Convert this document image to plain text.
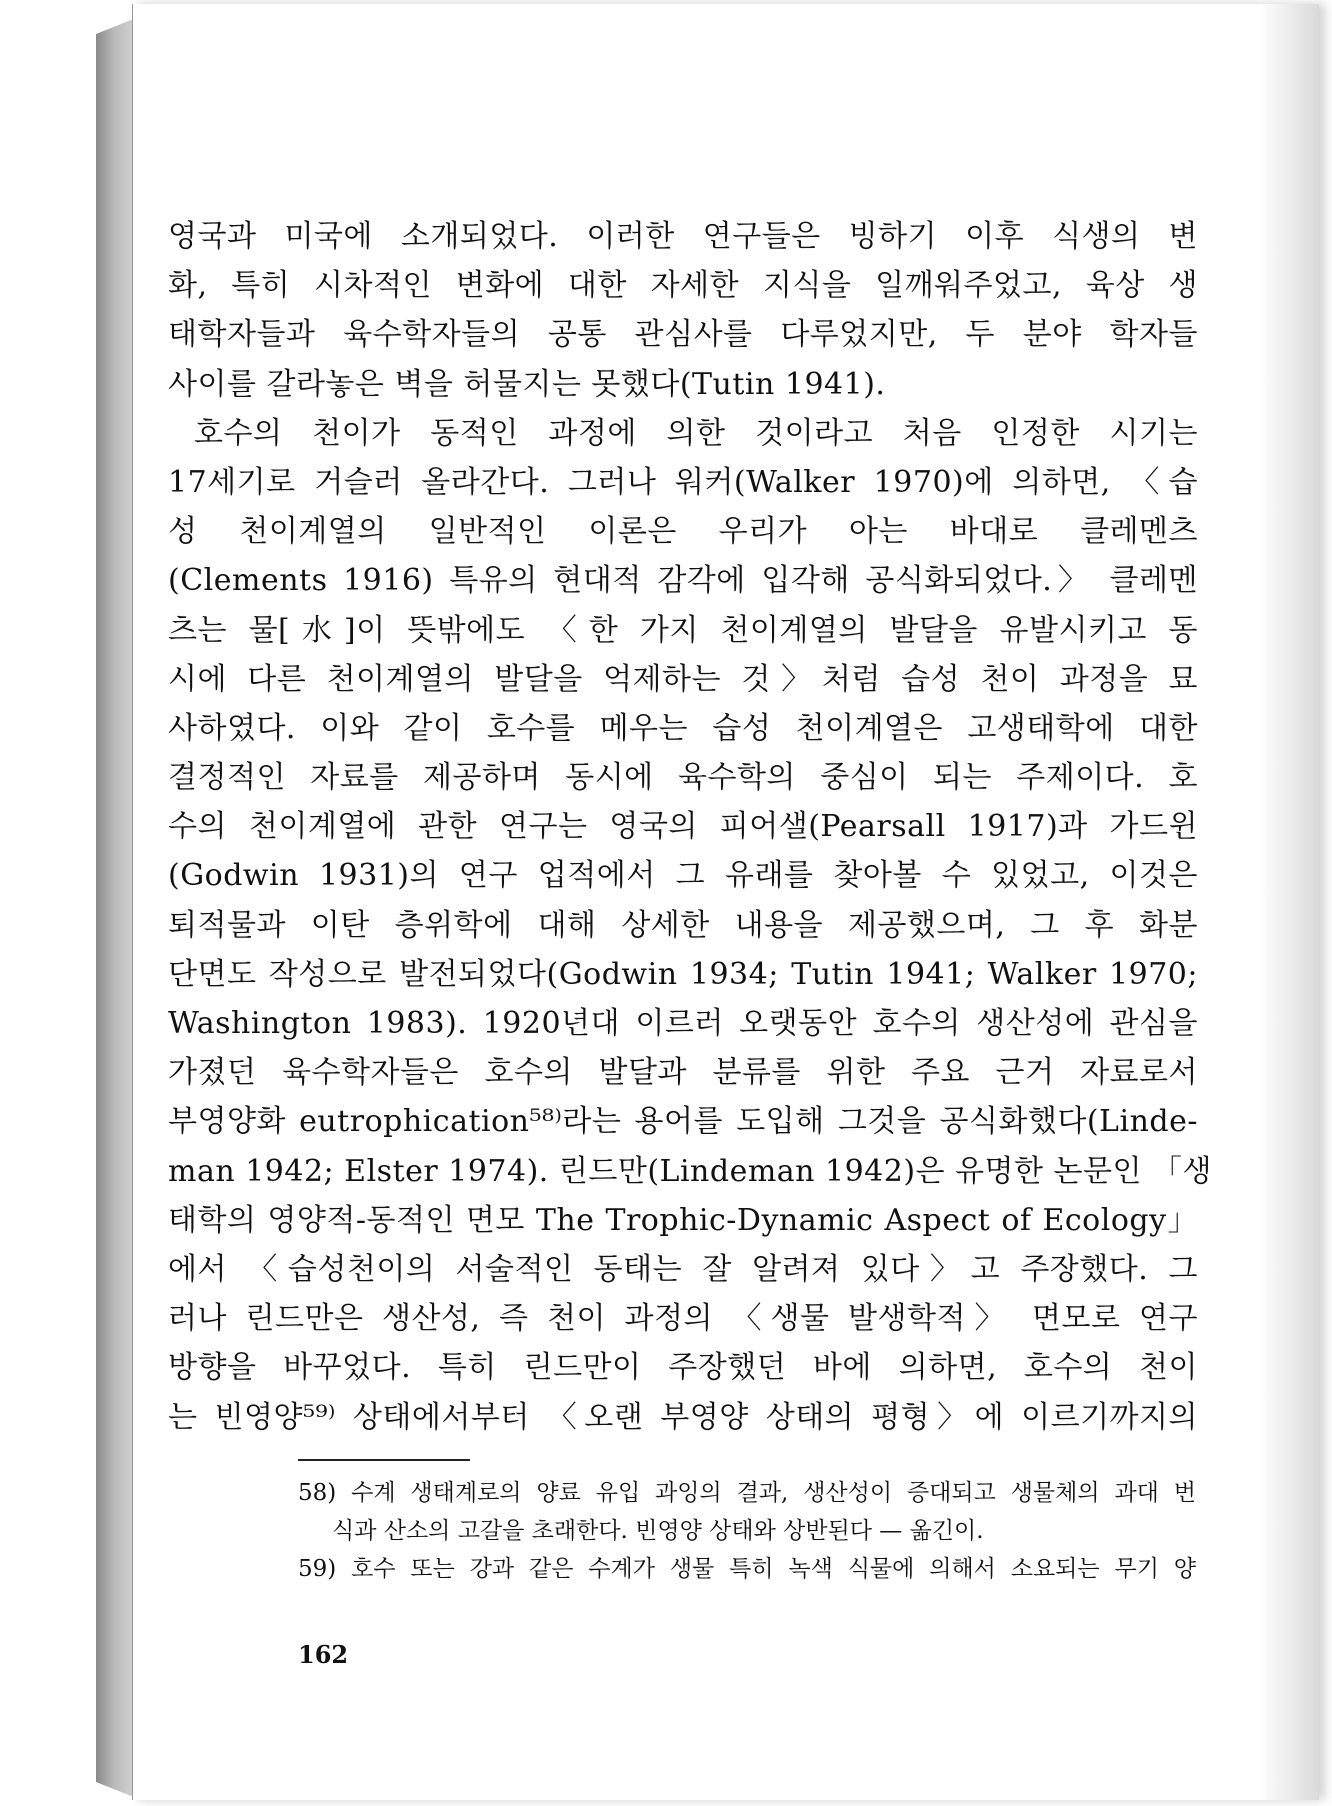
영국과 미국에 소개되었다. 이러한 연구들은 빙하기 이후 식생의 변
화, 특히 시차적인 변화에 대한 자세한 지식을 일깨워주었고, 육상 생
태학자들과 육수학자들의 공통 관심사를 다루었지만, 두 분야 학자들
사이를 갈라놓은 벽을 허물지는 못했다(Tutin 1941).
호수의 천이가 동적인 과정에 의한 것이라고 처음 인정한 시기는
17세기로 거슬러 올라간다. 그러나 워커(Walker 1970)에 의하면, 〈습
성 천이계열의 일반적인 이론은 우리가 아는 바대로 클레멘츠
(Clements 1916) 특유의 현대적 감각에 입각해 공식화되었다.〉 클레멘
츠는 물[水]이 뜻밖에도 〈한 가지 천이계열의 발달을 유발시키고 동
시에 다른 천이계열의 발달을 억제하는 것〉처럼 습성 천이 과정을 묘
사하였다. 이와 같이 호수를 메우는 습성 천이계열은 고생태학에 대한
결정적인 자료를 제공하며 동시에 육수학의 중심이 되는 주제이다. 호
수의 천이계열에 관한 연구는 영국의 피어샐(Pearsall 1917)과 가드윈
(Godwin 1931)의 연구 업적에서 그 유래를 찾아볼 수 있었고, 이것은
퇴적물과 이탄 층위학에 대해 상세한 내용을 제공했으며, 그 후 화분
단면도 작성으로 발전되었다(Godwin 1934; Tutin 1941; Walker 1970;
Washington 1983). 1920년대 이르러 오랫동안 호수의 생산성에 관심을
가졌던 육수학자들은 호수의 발달과 분류를 위한 주요 근거 자료로서
부영양화 eutrophication⁵⁸⁾라는 용어를 도입해 그것을 공식화했다(Linde-
man 1942; Elster 1974). 린드만(Lindeman 1942)은 유명한 논문인 「생
태학의 영양적-동적인 면모 The Trophic-Dynamic Aspect of Ecology」
에서 〈습성천이의 서술적인 동태는 잘 알려져 있다〉고 주장했다. 그
러나 린드만은 생산성, 즉 천이 과정의 〈생물 발생학적〉 면모로 연구
방향을 바꾸었다. 특히 린드만이 주장했던 바에 의하면, 호수의 천이
는 빈영양⁵⁹⁾ 상태에서부터 〈오랜 부영양 상태의 평형〉에 이르기까지의
58) 수계 생태계로의 양료 유입 과잉의 결과, 생산성이 증대되고 생물체의 과대 번
식과 산소의 고갈을 초래한다. 빈영양 상태와 상반된다 — 옮긴이.
59) 호수 또는 강과 같은 수계가 생물 특히 녹색 식물에 의해서 소요되는 무기 양
162
